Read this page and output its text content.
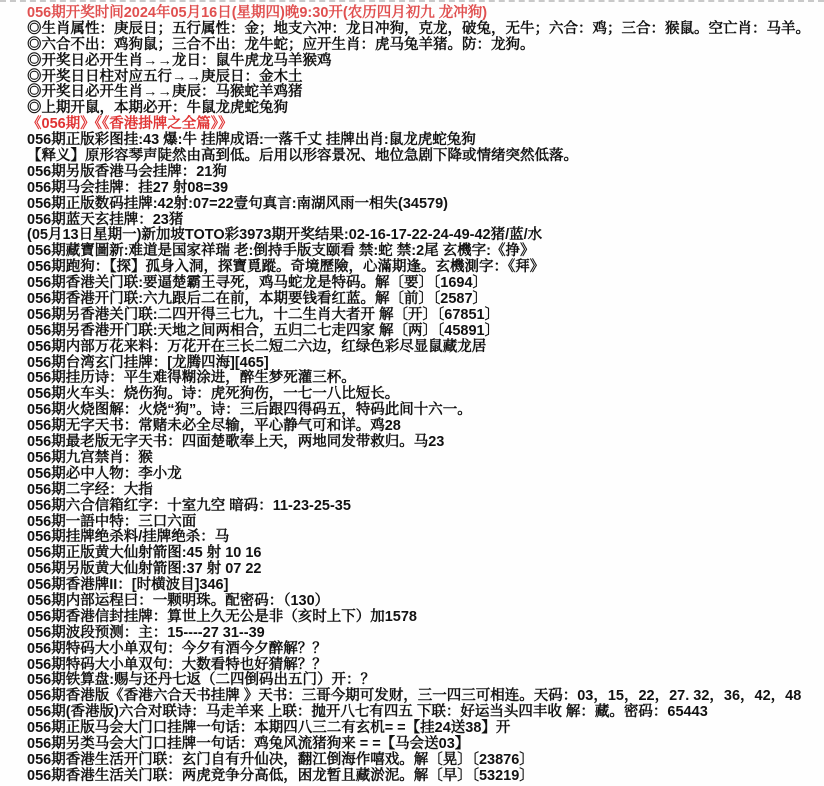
056期开奖时间2024年05月16日(星期四)晚9:30开(农历四月初九 龙冲狗)
◎生肖属性：庚辰日；五行属性：金；地支六冲：龙日冲狗，克龙，破兔，无牛；六合：鸡；三合：猴鼠。空亡肖：马羊。
◎六合不出：鸡狗鼠；三合不出：龙牛蛇；应开生肖：虎马兔羊猪。防：龙狗。
◎开奖日必开生肖→→龙日：鼠牛虎龙马羊猴鸡
◎开奖日日柱对应五行→→庚辰日：金木土
◎开奖日必开生肖→→庚辰：马猴蛇羊鸡猪
◎上期开鼠，本期必开：牛鼠龙虎蛇兔狗
《056期》《《香港掛牌之全篇》》
056期正版彩图挂:43 爆:牛 挂牌成语:一落千丈 挂牌出肖:鼠龙虎蛇兔狗
【释义】原形容琴声陡然由高到低。后用以形容景况、地位急剧下降或情绪突然低落。
056期另版香港马会挂牌：21狗
056期马会挂牌：挂27 射08=39
056期正版数码挂牌:42射:07=22壹句真言:南湖风雨一相失(34579)
056期蓝天玄挂牌：23猪
(05月13日星期一)新加坡TOTO彩3973期开奖结果:02-16-17-22-24-49-42猪/蓝/水
056期藏寶圖新:难道是国家祥瑞 老:倒持手版支颐看 禁:蛇 禁:2尾 玄機字:《挣》
056期跑狗：【探】孤身入洞，探寶覓蹤。奇境歷險，心滿期逢。玄機測字：《拜》
056期香港关门联:要逼楚霸王寻死，鸡马蛇龙是特码。解〔要〕〔1694〕
056期香港开门联:六九跟后二在前，本期要钱看红蓝。解〔前〕〔2587〕
056期另香港关门联:二四开得三七九，十二生肖大者开 解〔开〕〔67851〕
056期另香港开门联:天地之间两相合，五归二七走四家 解〔两〕〔45891〕
056期内部万花来料：万花开在三长二短二六边，红绿色彩尽显鼠藏龙居
056期台湾玄门挂牌：[龙腾四海][465]
056期挂历诗：平生难得糊涂进，醉生梦死灌三杯。
056期火车头：烧伤狗。诗：虎死狗伤，一七一八比短长。
056期火烧图解：火烧“狗”。诗：三后跟四得码五，特码此间十六一。
056期无字天书：常赌未必全尽输，平心静气可和详。鸡28
056期最老版无字天书：四面楚歌奉上天，两地同发带救归。马23
056期九宫禁肖：猴
056期必中人物：李小龙
056期二字经：大指
056期六合信箱红字：十室九空 暗码：11-23-25-35
056期一語中特：三口六面
056期挂牌绝杀料/挂牌绝杀：马
056期正版黄大仙射箭图:45 射 10 16
056期另版黄大仙射箭图:37 射 07 22
056期香港牌II：[时横波目]346]
056期内部运程曰：一颗明珠。配密码：（130）
056期香港信封挂牌：算世上久无公是非（亥时上下）加1578
056期波段预测：主：15----27 31--39
056期特码大小单双句：今夕有酒今夕醉解？？
056期特码大小单双句：大数看特也好猜解？？
056期铁算盘:赐与还丹七返（二四倒码出五门）开：？
056期香港版《香港六合天书挂牌 》天书：三哥今期可发财，三一四三可相连。天码：03，15，22，27. 32，36，42，48
056期(香港版)六合对联诗：马走羊来 上联：抛开八七有四五 下联：好运当头四丰收 解：藏。密码：65443
056期正版马会大门口挂牌一句话：本期四八三二有玄机= =【挂24送38】开
056期另类马会大门口挂牌一句话：鸡兔风流猪狗来 = =【马会送03】
056期香港生活开门联：玄门自有升仙决，翻江倒海作嘻戏。解〔晃〕〔23876〕
056期香港生活关门联：两虎竞争分高低，困龙暂且藏淤泥。解〔早〕〔53219〕
